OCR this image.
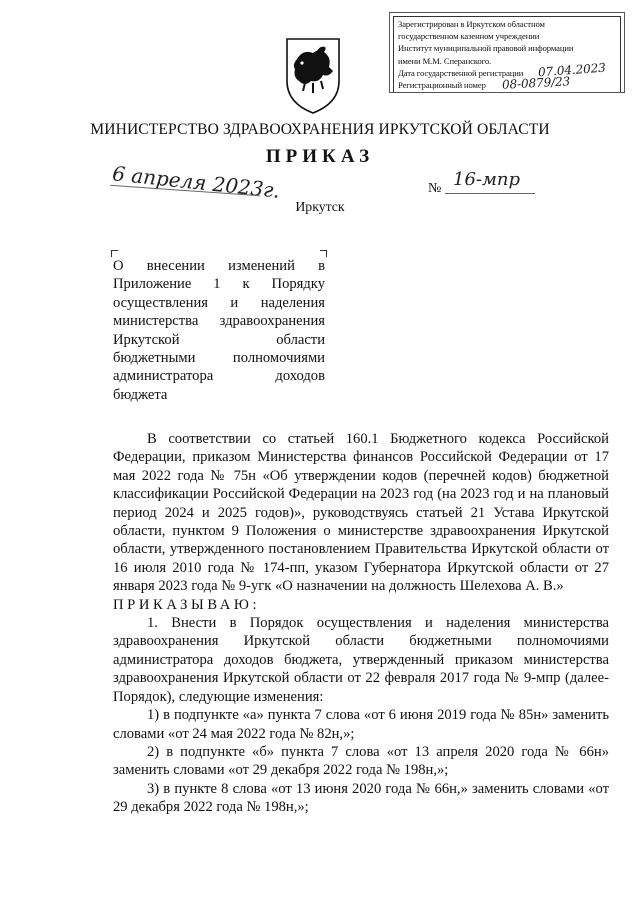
Зарегистрирован в Иркутском областном
государственном казенном учреждении
Институт муниципальной правовой информации
имени М.М. Сперанского.
Дата государственной регистрации 07.04.2023
Регистрационный номер 08-0879/23
МИНИСТЕРСТВО ЗДРАВООХРАНЕНИЯ ИРКУТСКОЙ ОБЛАСТИ
ПРИКАЗ
6 апреля 2023г.	№ 16-мпр
Иркутск
О внесении изменений в
Приложение 1 к Порядку
осуществления и наделения
министерства здравоохранения
Иркутской области
бюджетными полномочиями
администратора доходов
бюджета

В соответствии со статьей 160.1 Бюджетного кодекса Российской Федерации, приказом Министерства финансов Российской Федерации от 17 мая 2022 года № 75н «Об утверждении кодов (перечней кодов) бюджетной классификации Российской Федерации на 2023 год (на 2023 год и на плановый период 2024 и 2025 годов)», руководствуясь статьей 21 Устава Иркутской области, пунктом 9 Положения о министерстве здравоохранения Иркутской области, утвержденного постановлением Правительства Иркутской области от 16 июля 2010 года № 174-пп, указом Губернатора Иркутской области от 27 января 2023 года № 9-угк «О назначении на должность Шелехова А. В.»

ПРИКАЗЫВАЮ:

1. Внести в Порядок осуществления и наделения министерства здравоохранения Иркутской области бюджетными полномочиями администратора доходов бюджета, утвержденный приказом министерства здравоохранения Иркутской области от 22 февраля 2017 года № 9-мпр (далее-Порядок), следующие изменения:

1) в подпункте «а» пункта 7 слова «от 6 июня 2019 года № 85н» заменить словами «от 24 мая 2022 года № 82н,»;

2) в подпункте «б» пункта 7 слова «от 13 апреля 2020 года № 66н» заменить словами «от 29 декабря 2022 года № 198н,»;

3) в пункте 8 слова «от 13 июня 2020 года № 66н,» заменить словами «от 29 декабря 2022 года № 198н,»;
